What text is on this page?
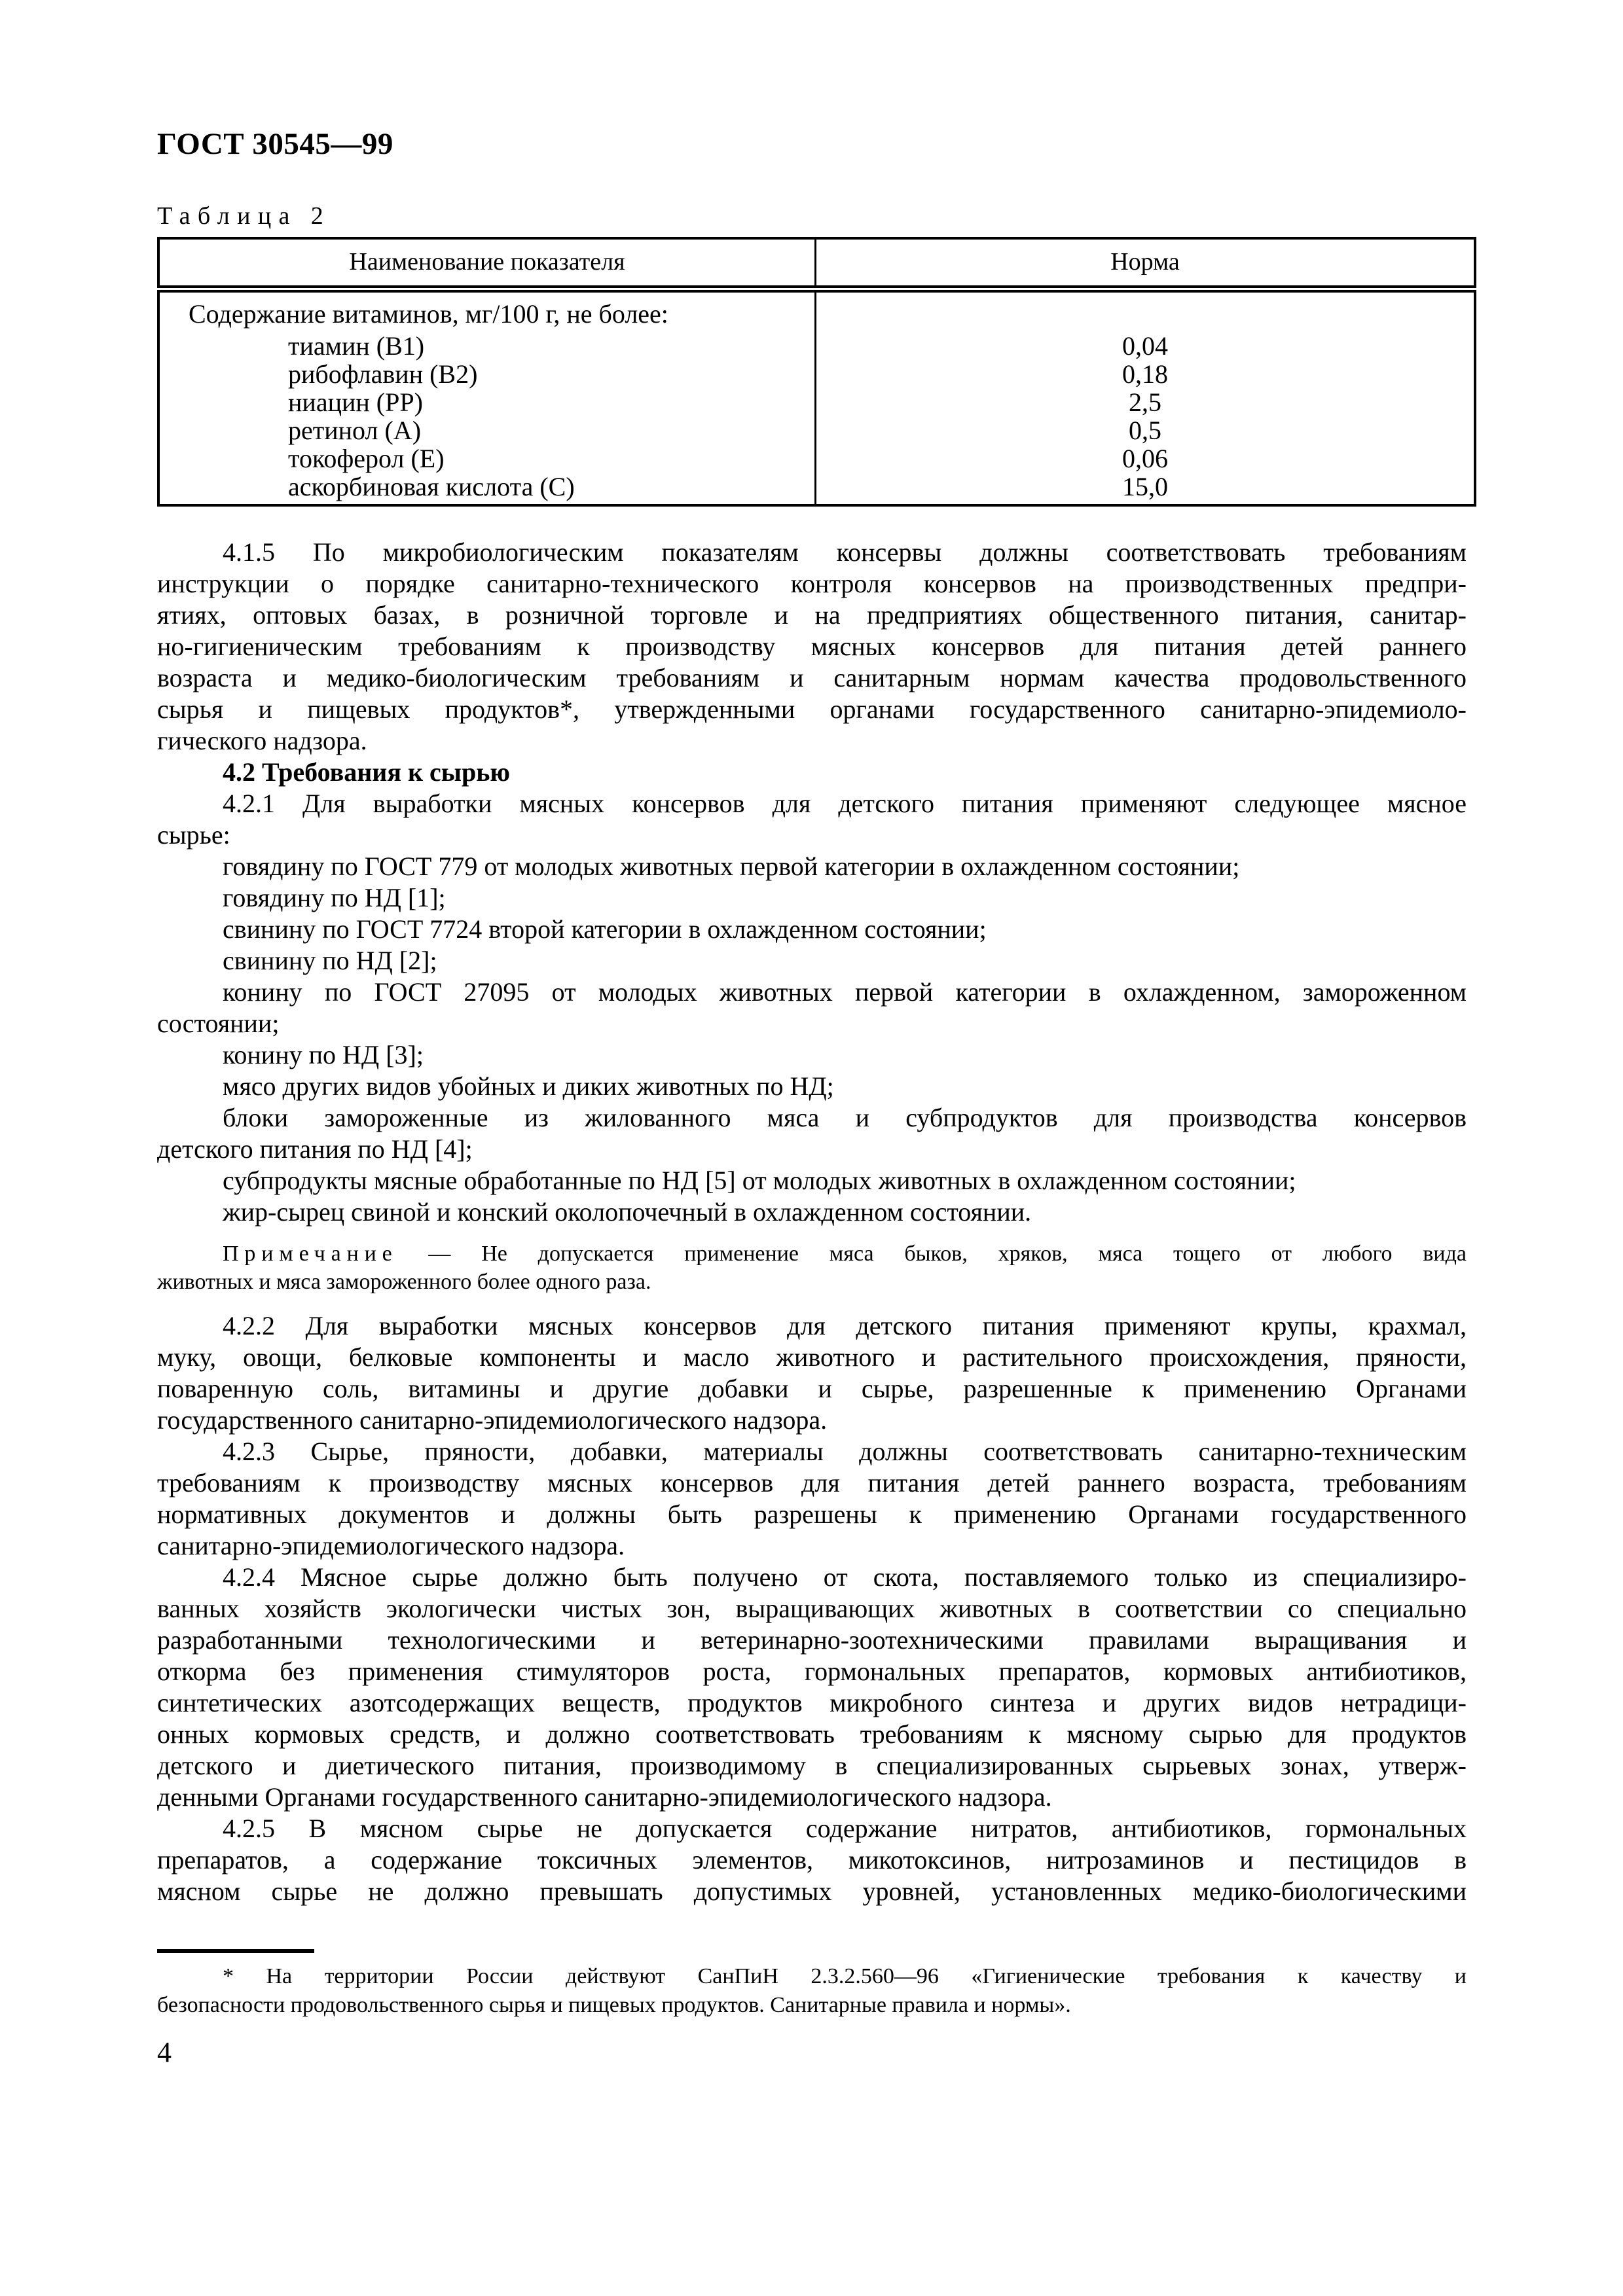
ГОСТ 30545—99
Таблица 2
Наименование показателя	Норма
Содержание витаминов, мг/100 г, не более:	
тиамин (В1)	0,04
рибофлавин (В2)	0,18
ниацин (РР)	2,5
ретинол (А)	0,5
токоферол (Е)	0,06
аскорбиновая кислота (С)	15,0
4.1.5 По микробиологическим показателям консервы должны соответствовать требованиям
инструкции о порядке санитарно-технического контроля консервов на производственных предпри-
ятиях, оптовых базах, в розничной торговле и на предприятиях общественного питания, санитар-
но-гигиеническим требованиям к производству мясных консервов для питания детей раннего
возраста и медико-биологическим требованиям и санитарным нормам качества продовольственного
сырья и пищевых продуктов*, утвержденными органами государственного санитарно-эпидемиоло-
гического надзора.
4.2 Требования к сырью
4.2.1 Для выработки мясных консервов для детского питания применяют следующее мясное
сырье:
говядину по ГОСТ 779 от молодых животных первой категории в охлажденном состоянии;
говядину по НД [1];
свинину по ГОСТ 7724 второй категории в охлажденном состоянии;
свинину по НД [2];
конину по ГОСТ 27095 от молодых животных первой категории в охлажденном, замороженном
состоянии;
конину по НД [3];
мясо других видов убойных и диких животных по НД;
блоки замороженные из жилованного мяса и субпродуктов для производства консервов
детского питания по НД [4];
субпродукты мясные обработанные по НД [5] от молодых животных в охлажденном состоянии;
жир-сырец свиной и конский околопочечный в охлажденном состоянии.
Примечание — Не допускается применение мяса быков, хряков, мяса тощего от любого вида
животных и мяса замороженного более одного раза.
4.2.2 Для выработки мясных консервов для детского питания применяют крупы, крахмал,
муку, овощи, белковые компоненты и масло животного и растительного происхождения, пряности,
поваренную соль, витамины и другие добавки и сырье, разрешенные к применению Органами
государственного санитарно-эпидемиологического надзора.
4.2.3 Сырье, пряности, добавки, материалы должны соответствовать санитарно-техническим
требованиям к производству мясных консервов для питания детей раннего возраста, требованиям
нормативных документов и должны быть разрешены к применению Органами государственного
санитарно-эпидемиологического надзора.
4.2.4 Мясное сырье должно быть получено от скота, поставляемого только из специализиро-
ванных хозяйств экологически чистых зон, выращивающих животных в соответствии со специально
разработанными технологическими и ветеринарно-зоотехническими правилами выращивания и
откорма без применения стимуляторов роста, гормональных препаратов, кормовых антибиотиков,
синтетических азотсодержащих веществ, продуктов микробного синтеза и других видов нетрадици-
онных кормовых средств, и должно соответствовать требованиям к мясному сырью для продуктов
детского и диетического питания, производимому в специализированных сырьевых зонах, утверж-
денными Органами государственного санитарно-эпидемиологического надзора.
4.2.5 В мясном сырье не допускается содержание нитратов, антибиотиков, гормональных
препаратов, а содержание токсичных элементов, микотоксинов, нитрозаминов и пестицидов в
мясном сырье не должно превышать допустимых уровней, установленных медико-биологическими
* На территории России действуют СанПиН 2.3.2.560—96 «Гигиенические требования к качеству и
безопасности продовольственного сырья и пищевых продуктов. Санитарные правила и нормы».
4
